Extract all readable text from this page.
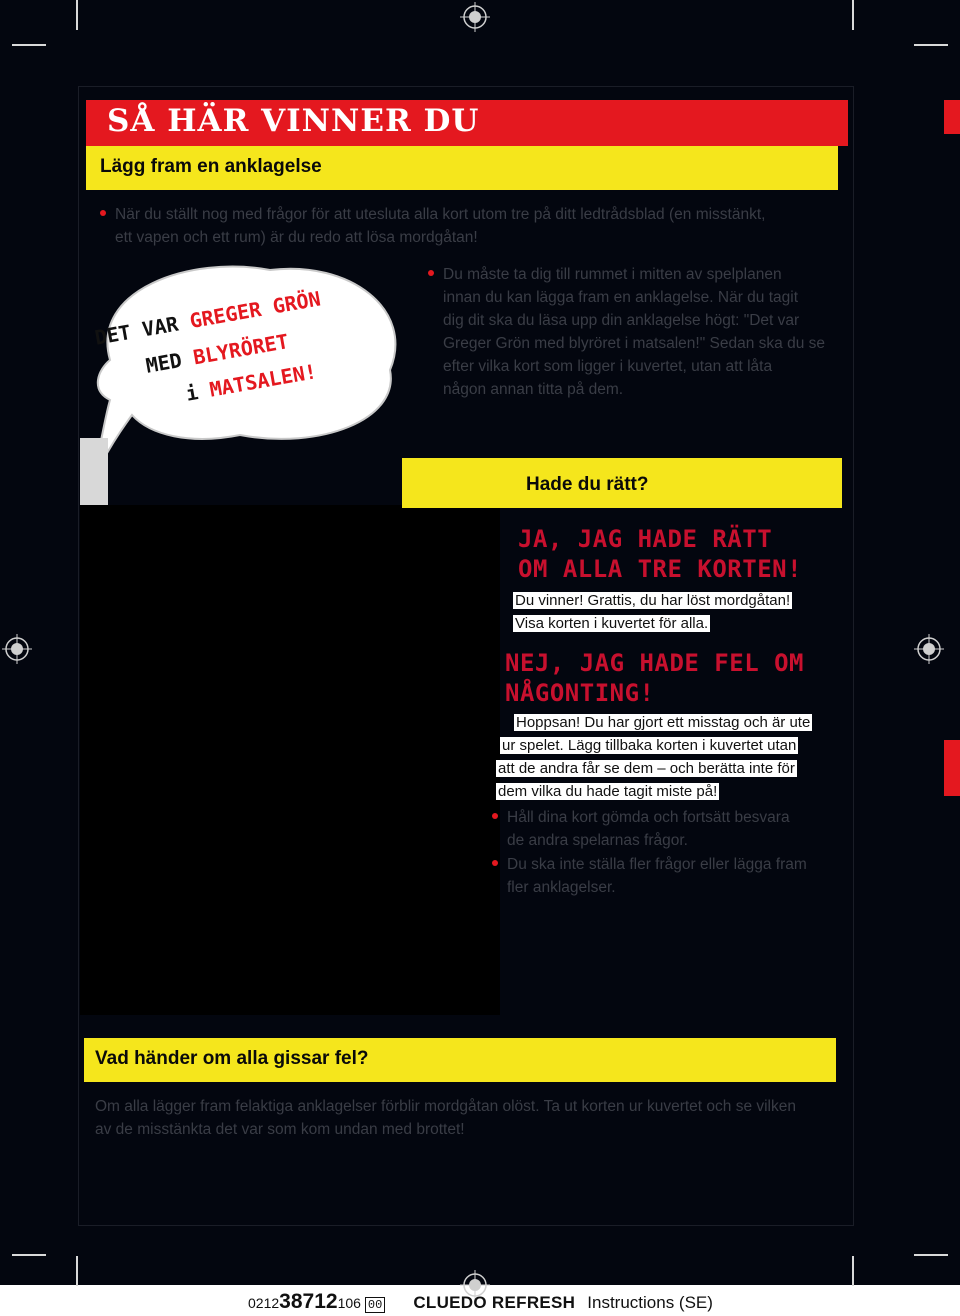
SÅ HÄR VINNER DU
Lägg fram en anklagelse

När du ställt nog med frågor för att utesluta alla kort utom tre på ditt ledtrådsblad (en misstänkt,
ett vapen och ett rum) är du redo att lösa mordgåtan!

DET VAR GREGER GRÖN
MED BLYRÖRET
i MATSALEN!
Du måste ta dig till rummet i mitten av spelplanen
innan du kan lägga fram en anklagelse. När du tagit
dig dit ska du läsa upp din anklagelse högt: "Det var
Greger Grön med blyröret i matsalen!" Sedan ska du se
efter vilka kort som ligger i kuvertet, utan att låta
någon annan titta på dem.
Hade du rätt?

JA, JAG HADE RÄTT
OM ALLA TRE KORTEN!

Du vinner! Grattis, du har löst mordgåtan!
Visa korten i kuvertet för alla.

NEJ, JAG HADE FEL OM
NÅGONTING!

Hoppsan! Du har gjort ett misstag och är ute
ur spelet. Lägg tillbaka korten i kuvertet utan
att de andra får se dem – och berätta inte för
dem vilka du hade tagit miste på!

Håll dina kort gömda och fortsätt besvara
de andra spelarnas frågor.

Du ska inte ställa fler frågor eller lägga fram
fler anklagelser.

Vad händer om alla gissar fel?

Om alla lägger fram felaktiga anklagelser förblir mordgåtan olöst. Ta ut korten ur kuvertet och se vilken
av de misstänkta det var som kom undan med brottet!

021238712106 00 CLUEDO REFRESH Instructions (SE)
